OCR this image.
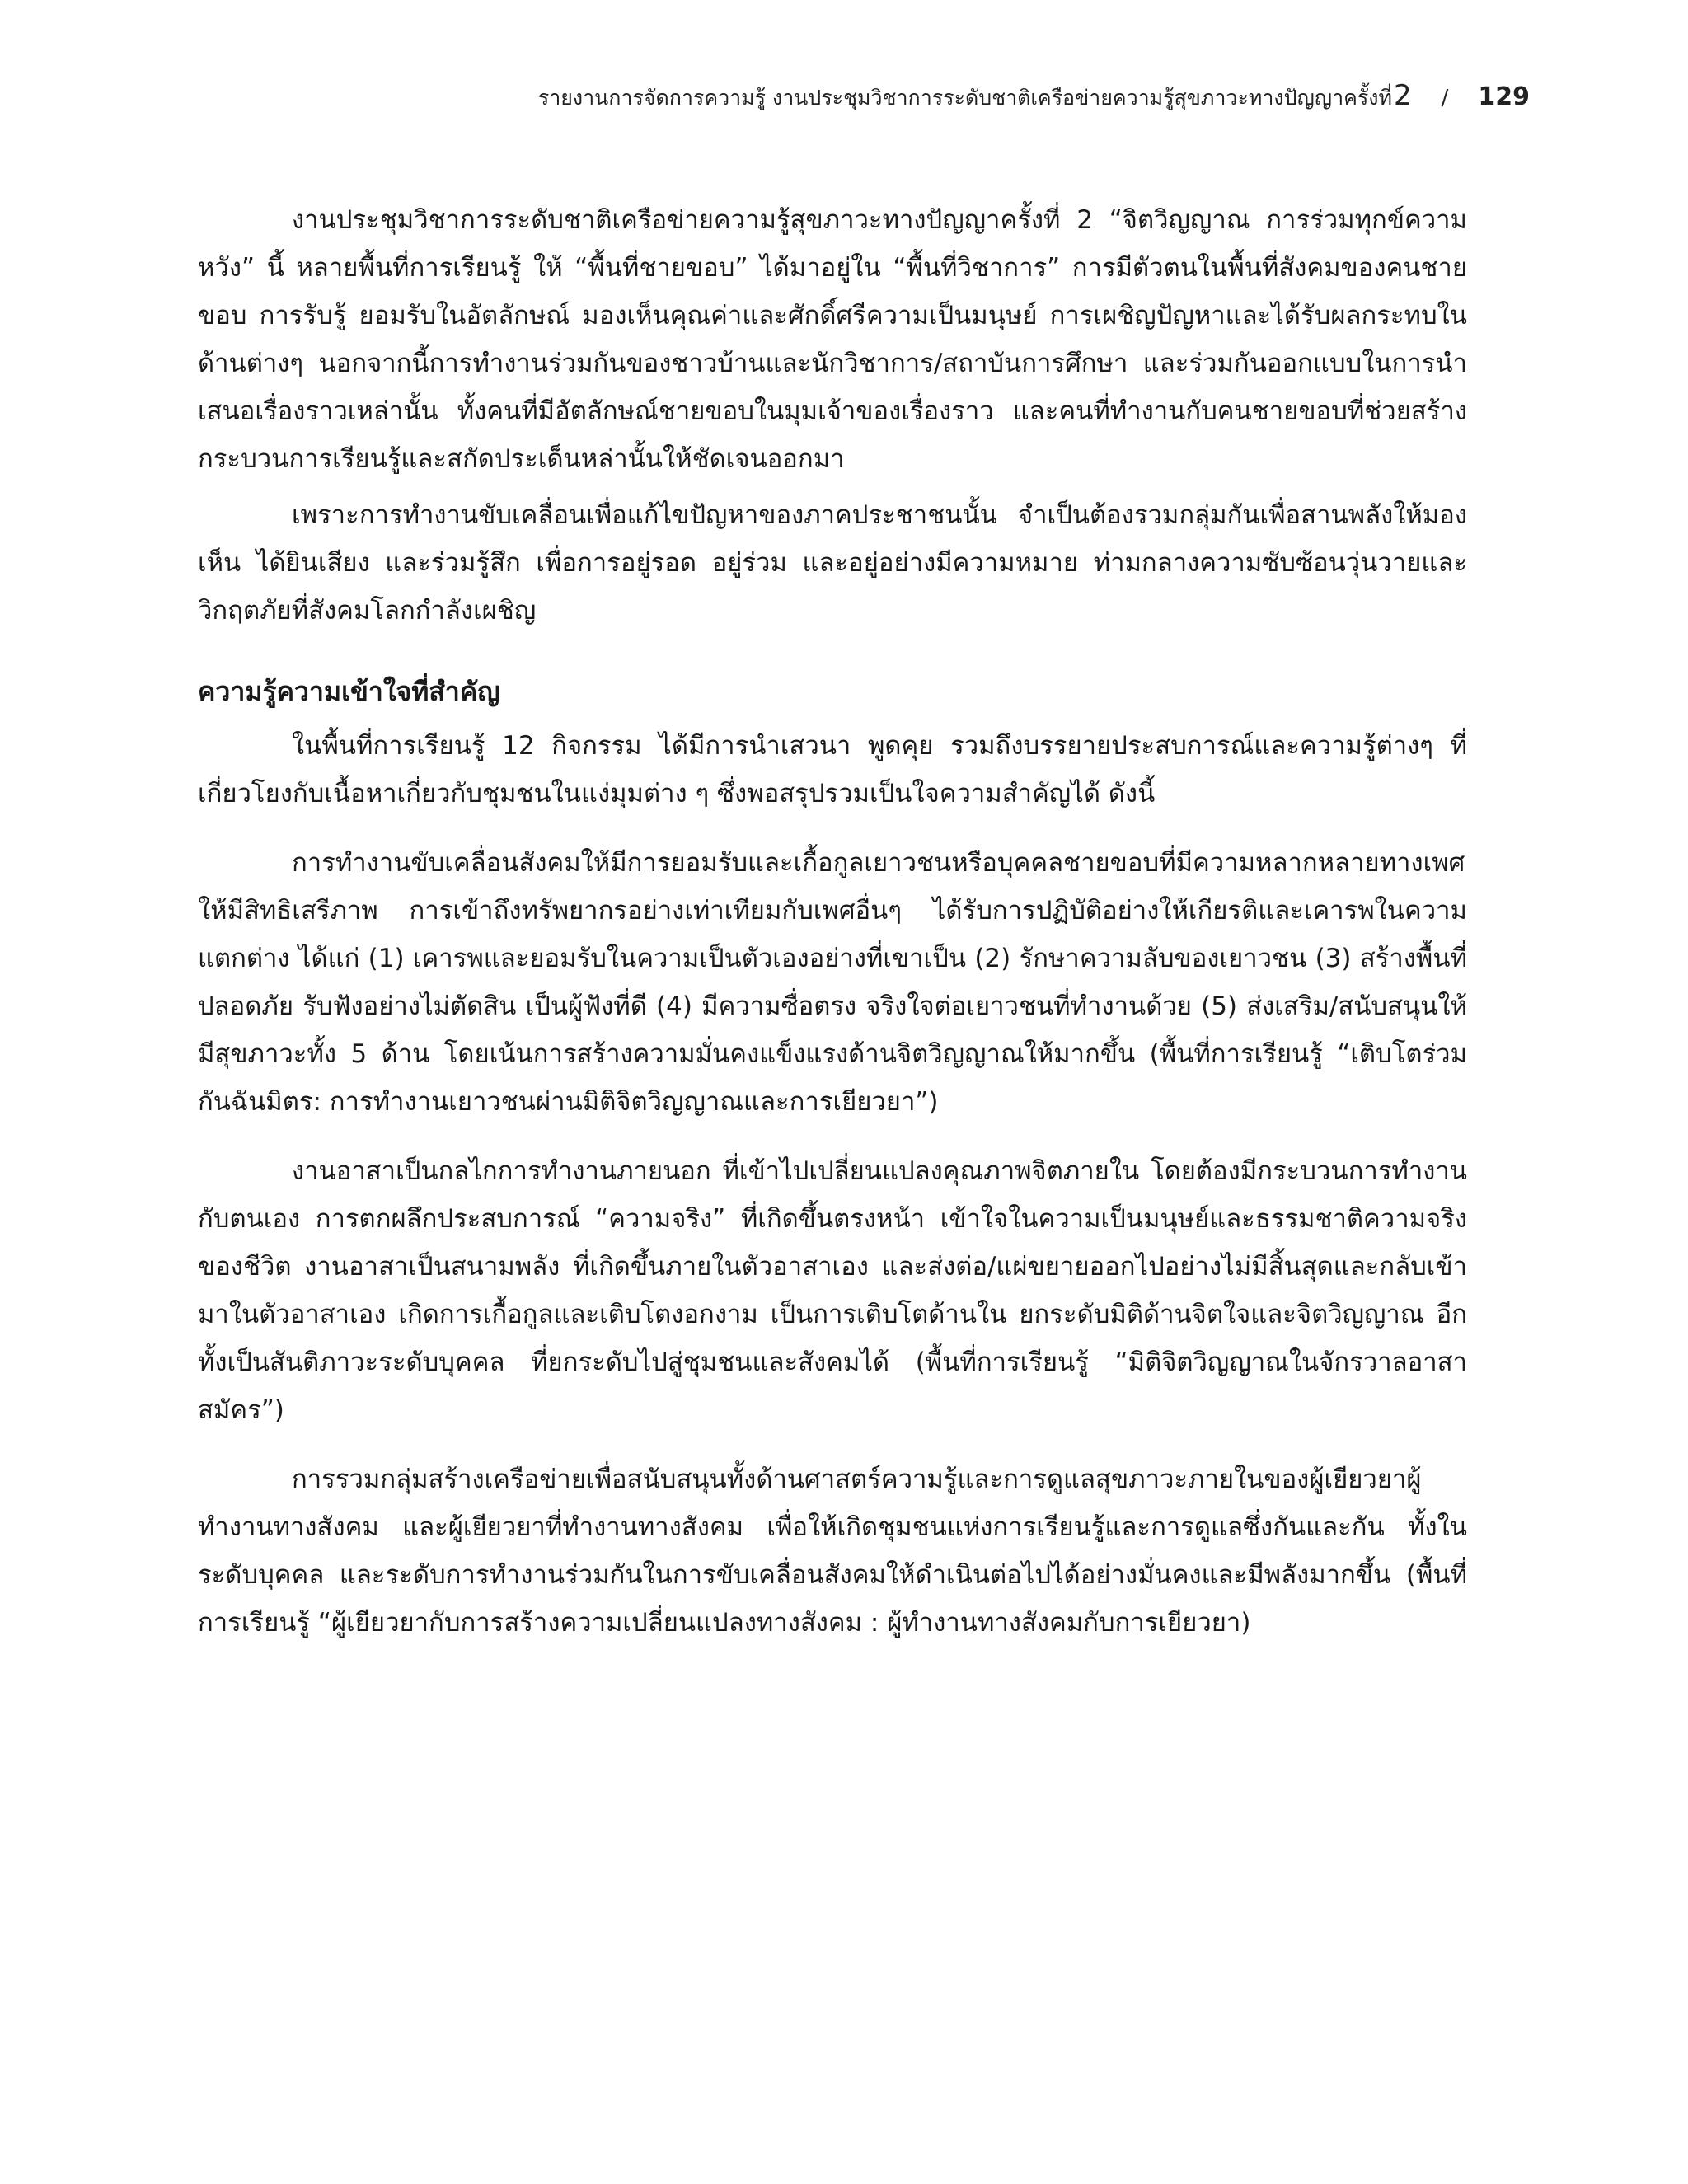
รายงานการจัดการความรู้ งานประชุมวิชาการระดับชาติเครือข่ายความรู้สุขภาวะทางปัญญาครั้งที่ 2 / 129

งานประชุมวิชาการระดับชาติเครือข่ายความรู้สุขภาวะทางปัญญาครั้งที่ 2 “จิตวิญญาณ การร่วมทุกข์ความหวัง” นี้ หลายพื้นที่การเรียนรู้ ให้ “พื้นที่ชายขอบ” ได้มาอยู่ใน “พื้นที่วิชาการ” การมีตัวตนในพื้นที่สังคมของคนชายขอบ การรับรู้ ยอมรับในอัตลักษณ์ มองเห็นคุณค่าและศักดิ์ศรีความเป็นมนุษย์ การเผชิญปัญหาและได้รับผลกระทบในด้านต่างๆ นอกจากนี้การทำงานร่วมกันของชาวบ้านและนักวิชาการ/สถาบันการศึกษา และร่วมกันออกแบบในการนำเสนอเรื่องราวเหล่านั้น ทั้งคนที่มีอัตลักษณ์ชายขอบในมุมเจ้าของเรื่องราว และคนที่ทำงานกับคนชายขอบที่ช่วยสร้างกระบวนการเรียนรู้และสกัดประเด็นหล่านั้นให้ชัดเจนออกมา

เพราะการทำงานขับเคลื่อนเพื่อแก้ไขปัญหาของภาคประชาชนนั้น จำเป็นต้องรวมกลุ่มกันเพื่อสานพลังให้มองเห็น ได้ยินเสียง และร่วมรู้สึก เพื่อการอยู่รอด อยู่ร่วม และอยู่อย่างมีความหมาย ท่ามกลางความซับซ้อนวุ่นวายและวิกฤตภัยที่สังคมโลกกำลังเผชิญ

ความรู้ความเข้าใจที่สำคัญ

ในพื้นที่การเรียนรู้ 12 กิจกรรม ได้มีการนำเสวนา พูดคุย รวมถึงบรรยายประสบการณ์และความรู้ต่างๆ ที่เกี่ยวโยงกับเนื้อหาเกี่ยวกับชุมชนในแง่มุมต่าง ๆ ซึ่งพอสรุปรวมเป็นใจความสำคัญได้ ดังนี้

การทำงานขับเคลื่อนสังคมให้มีการยอมรับและเกื้อกูลเยาวชนหรือบุคคลชายขอบที่มีความหลากหลายทางเพศ ให้มีสิทธิเสรีภาพ การเข้าถึงทรัพยากรอย่างเท่าเทียมกับเพศอื่นๆ ได้รับการปฏิบัติอย่างให้เกียรติและเคารพในความแตกต่าง ได้แก่ (1) เคารพและยอมรับในความเป็นตัวเองอย่างที่เขาเป็น (2) รักษาความลับของเยาวชน (3) สร้างพื้นที่ปลอดภัย รับฟังอย่างไม่ตัดสิน เป็นผู้ฟังที่ดี (4) มีความซื่อตรง จริงใจต่อเยาวชนที่ทำงานด้วย (5) ส่งเสริม/สนับสนุนให้มีสุขภาวะทั้ง 5 ด้าน โดยเน้นการสร้างความมั่นคงแข็งแรงด้านจิตวิญญาณให้มากขึ้น (พื้นที่การเรียนรู้ “เติบโตร่วมกันฉันมิตร: การทำงานเยาวชนผ่านมิติจิตวิญญาณและการเยียวยา”)

งานอาสาเป็นกลไกการทำงานภายนอก ที่เข้าไปเปลี่ยนแปลงคุณภาพจิตภายใน โดยต้องมีกระบวนการทำงานกับตนเอง การตกผลึกประสบการณ์ “ความจริง” ที่เกิดขึ้นตรงหน้า เข้าใจในความเป็นมนุษย์และธรรมชาติความจริงของชีวิต งานอาสาเป็นสนามพลัง ที่เกิดขึ้นภายในตัวอาสาเอง และส่งต่อ/แผ่ขยายออกไปอย่างไม่มีสิ้นสุดและกลับเข้ามาในตัวอาสาเอง เกิดการเกื้อกูลและเติบโตงอกงาม เป็นการเติบโตด้านใน ยกระดับมิติด้านจิตใจและจิตวิญญาณ อีกทั้งเป็นสันติภาวะระดับบุคคล ที่ยกระดับไปสู่ชุมชนและสังคมได้ (พื้นที่การเรียนรู้ “มิติจิตวิญญาณในจักรวาลอาสาสมัคร”)

การรวมกลุ่มสร้างเครือข่ายเพื่อสนับสนุนทั้งด้านศาสตร์ความรู้และการดูแลสุขภาวะภายในของผู้เยียวยาผู้ทำงานทางสังคม และผู้เยียวยาที่ทำงานทางสังคม เพื่อให้เกิดชุมชนแห่งการเรียนรู้และการดูแลซึ่งกันและกัน ทั้งในระดับบุคคล และระดับการทำงานร่วมกันในการขับเคลื่อนสังคมให้ดำเนินต่อไปได้อย่างมั่นคงและมีพลังมากขึ้น (พื้นที่การเรียนรู้ “ผู้เยียวยากับการสร้างความเปลี่ยนแปลงทางสังคม : ผู้ทำงานทางสังคมกับการเยียวยา)
